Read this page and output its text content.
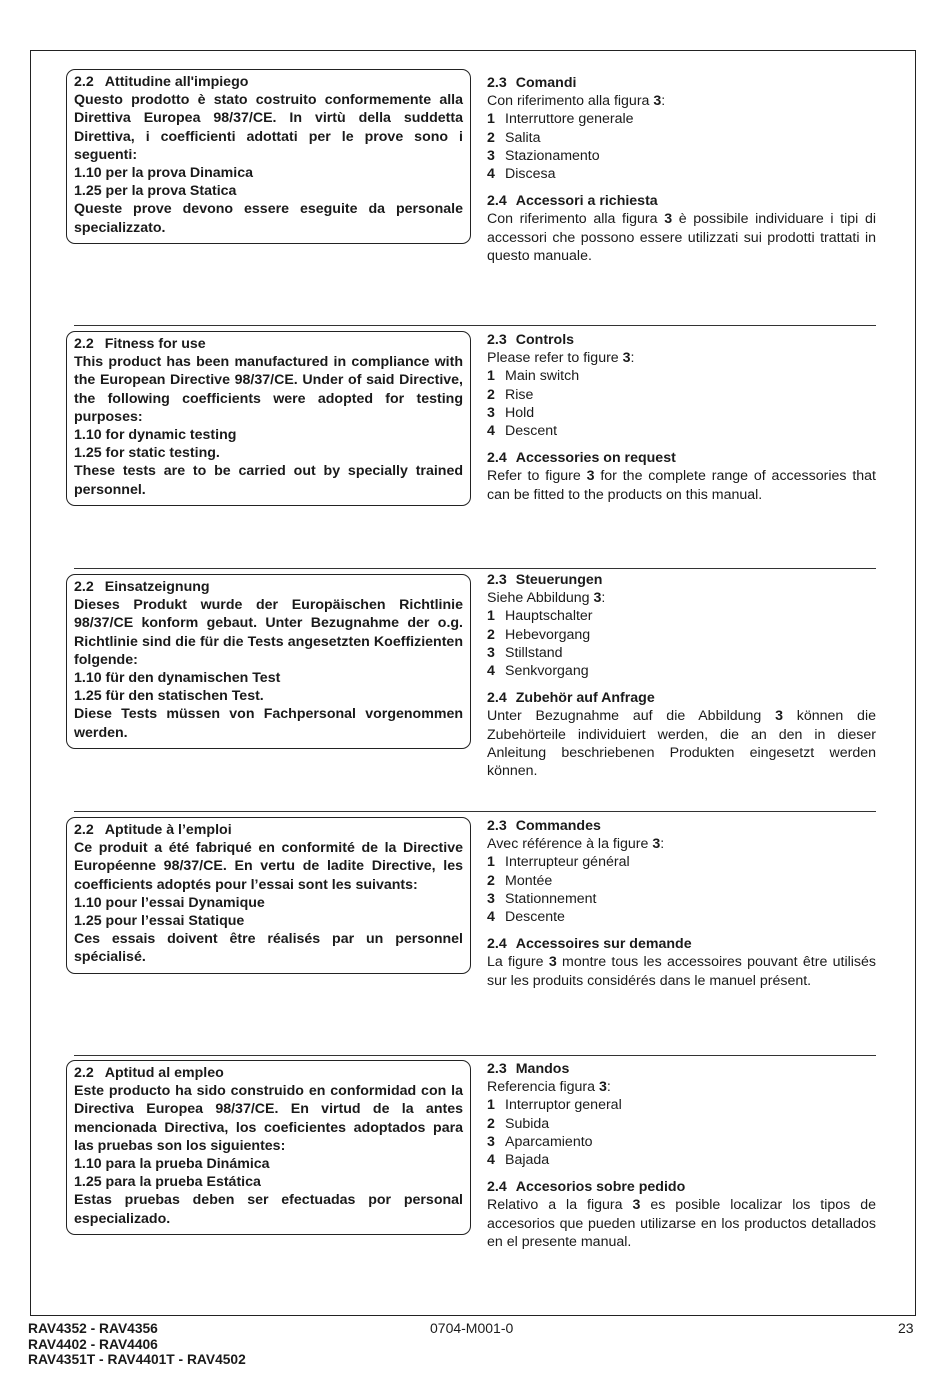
2.2 Attitudine all'impiego
Questo prodotto è stato costruito conformemente alla Direttiva Europea 98/37/CE. In virtù della suddetta Direttiva, i coefficienti adottati per le prove sono i seguenti:
1.10 per la prova Dinamica
1.25 per la prova Statica
Queste prove devono essere eseguite da personale specializzato.
2.3 Comandi
Con riferimento alla figura 3:
1 Interruttore generale
2 Salita
3 Stazionamento
4 Discesa
2.4 Accessori a richiesta
Con riferimento alla figura 3 è possibile individuare i tipi di accessori che possono essere utilizzati sui prodotti trattati in questo manuale.
2.2 Fitness for use
This product has been manufactured in compliance with the European Directive 98/37/CE. Under of said Directive, the following coefficients were adopted for testing purposes:
1.10 for dynamic testing
1.25 for static testing.
These tests are to be carried out by specially trained personnel.
2.3 Controls
Please refer to figure 3:
1 Main switch
2 Rise
3 Hold
4 Descent
2.4 Accessories on request
Refer to figure 3 for the complete range of accessories that can be fitted to the products on this manual.
2.2 Einsatzeignung
Dieses Produkt wurde der Europäischen Richtlinie 98/37/CE konform gebaut. Unter Bezugnahme der o.g. Richtlinie sind die für die Tests angesetzten Koeffizienten folgende:
1.10 für den dynamischen Test
1.25 für den statischen Test.
Diese Tests müssen von Fachpersonal vorgenommen werden.
2.3 Steuerungen
Siehe Abbildung 3:
1 Hauptschalter
2 Hebevorgang
3 Stillstand
4 Senkvorgang
2.4 Zubehör auf Anfrage
Unter Bezugnahme auf die Abbildung 3 können die Zubehörteile individuiert werden, die an den in dieser Anleitung beschriebenen Produkten eingesetzt werden können.
2.2 Aptitude à l’emploi
Ce produit a été fabriqué en conformité de la Directive Européenne 98/37/CE. En vertu de ladite Directive, les coefficients adoptés pour l’essai sont les suivants:
1.10 pour l’essai Dynamique
1.25 pour l’essai Statique
Ces essais doivent être réalisés par un personnel spécialisé.
2.3 Commandes
Avec référence à la figure 3:
1 Interrupteur général
2 Montée
3 Stationnement
4 Descente
2.4 Accessoires sur demande
La figure 3 montre tous les accessoires pouvant être utilisés sur les produits considérés dans le manuel présent.
2.2 Aptitud al empleo
Este producto ha sido construido en conformidad con la Directiva Europea 98/37/CE. En virtud de la antes mencionada Directiva, los coeficientes adoptados para las pruebas son los siguientes:
1.10 para la prueba Dinámica
1.25 para la prueba Estática
Estas pruebas deben ser efectuadas por personal especializado.
2.3 Mandos
Referencia figura 3:
1 Interruptor general
2 Subida
3 Aparcamiento
4 Bajada
2.4 Accesorios sobre pedido
Relativo a la figura 3 es posible localizar los tipos de accesorios que pueden utilizarse en los productos detallados en el presente manual.
RAV4352 - RAV4356
RAV4402 - RAV4406
RAV4351T - RAV4401T - RAV4502
0704-M001-0	23
